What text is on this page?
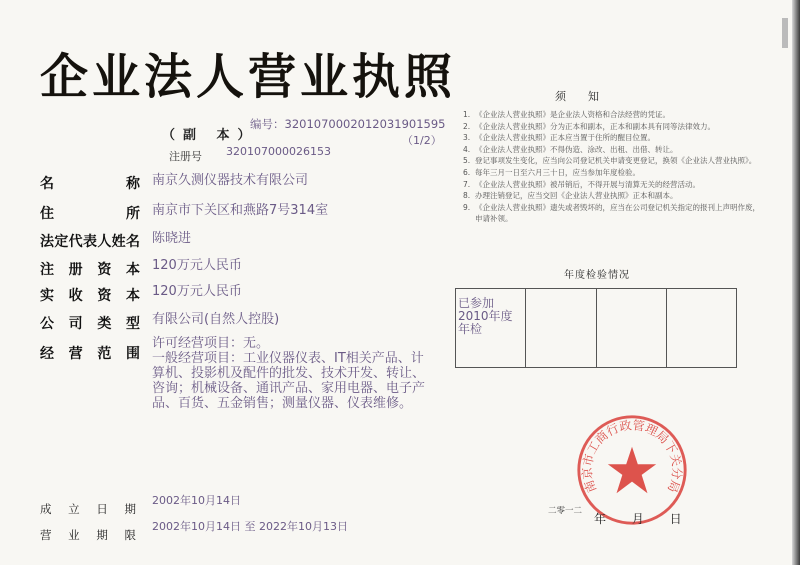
企业法人营业执照
（副 本）
编号：3201070002012031901595
（1/2）
注册号 320107000026153
名称 南京久测仪器技术有限公司
住所 南京市下关区和燕路7号314室
法定代表人姓名 陈晓进
注册资本 120万元人民币
实收资本 120万元人民币
公司类型 有限公司(自然人控股)
经营范围

许可经营项目：无。

一般经营项目：工业仪器仪表、IT相关产品、计算机、投影机及配件的批发、技术开发、转让、咨询；机械设备、通讯产品、家用电器、电子产品、百货、五金销售；测量仪器、仪表维修。

成立日期
2002年10月14日
营业期限
2002年10月14日 至 2022年10月13日
须知
1. 《企业法人营业执照》是企业法人资格和合法经营的凭证。
2. 《企业法人营业执照》分为正本和副本，正本和副本具有同等法律效力。
3. 《企业法人营业执照》正本应当置于住所的醒目位置。
4. 《企业法人营业执照》不得伪造、涂改、出租、出借、转让。
5. 登记事项发生变化，应当向公司登记机关申请变更登记，换领《企业法人营业执照》。
6. 每年三月一日至六月三十日，应当参加年度检验。
7. 《企业法人营业执照》被吊销后，不得开展与清算无关的经营活动。
8. 办理注销登记，应当交回《企业法人营业执照》正本和副本。
9. 《企业法人营业执照》遗失或者毁坏的，应当在公司登记机关指定的报刊上声明作废，申请补领。
年度检验情况
已参加2010年度年检

南京市工商行政管理局下关分局
二零一二
年 月 日
